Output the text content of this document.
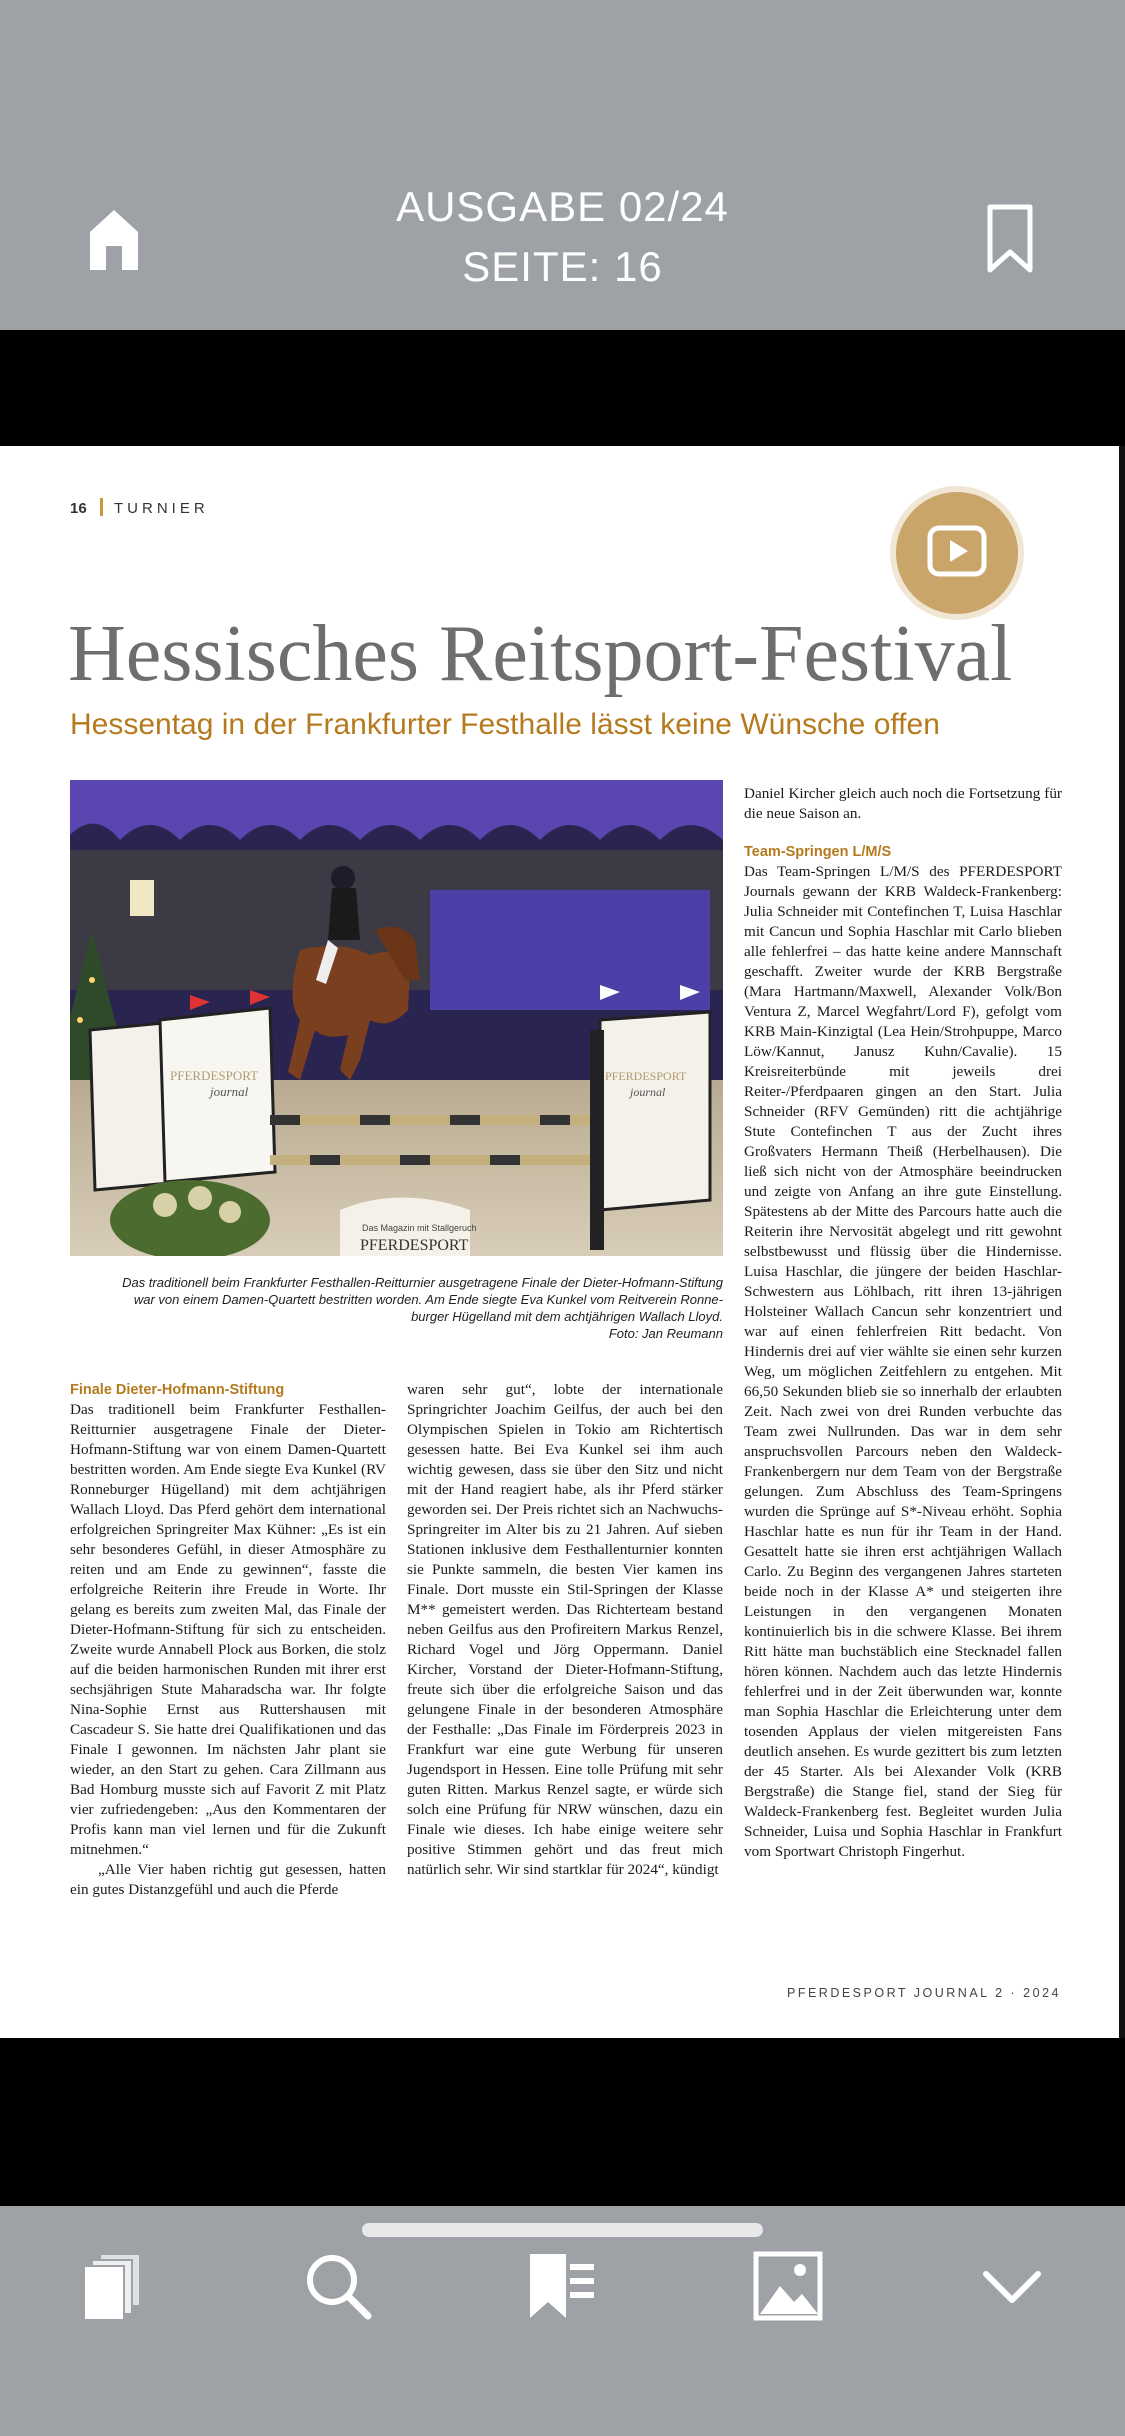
AUSGABE 02/24
SEITE: 16
16 TURNIER
Hessisches Reitsport-Festival
Hessentag in der Frankfurter Festhalle lässt keine Wünsche offen
PFERDESPORT
journal
PFERDESPORT
journal
Das Magazin mit Stallgeruch
PFERDESPORT
Das traditionell beim Frankfurter Festhallen-Reitturnier ausgetragene Finale der Dieter-Hofmann-Stiftung
war von einem Damen-Quartett bestritten worden. Am Ende siegte Eva Kunkel vom Reitverein Ronne-
burger Hügelland mit dem achtjährigen Wallach Lloyd.
Foto: Jan Reumann
Finale Dieter-Hofmann-Stiftung

Das traditionell beim Frankfurter Festhallen-Reitturnier ausgetragene Finale der Dieter-Hofmann-Stiftung war von einem Damen-Quartett bestritten worden. Am Ende siegte Eva Kunkel (RV Ronneburger Hügelland) mit dem achtjährigen Wallach Lloyd. Das Pferd gehört dem international erfolgreichen Springreiter Max Kühner: „Es ist ein sehr besonderes Gefühl, in dieser Atmosphäre zu reiten und am Ende zu gewinnen“, fasste die erfolgreiche Reiterin ihre Freude in Worte. Ihr gelang es bereits zum zweiten Mal, das Finale der Dieter-Hofmann-Stiftung für sich zu entscheiden. Zweite wurde Annabell Plock aus Borken, die stolz auf die beiden harmonischen Runden mit ihrer erst sechsjährigen Stute Maharadscha war. Ihr folgte Nina-Sophie Ernst aus Ruttershausen mit Cascadeur S. Sie hatte drei Qualifikationen und das Finale I gewonnen. Im nächsten Jahr plant sie wieder, an den Start zu gehen. Cara Zillmann aus Bad Homburg musste sich auf Favorit Z mit Platz vier zufriedengeben: „Aus den Kommentaren der Profis kann man viel lernen und für die Zukunft mitnehmen.“

„Alle Vier haben richtig gut gesessen, hatten ein gutes Distanzgefühl und auch die Pferde

waren sehr gut“, lobte der internationale Springrichter Joachim Geilfus, der auch bei den Olympischen Spielen in Tokio am Richtertisch gesessen hatte. Bei Eva Kunkel sei ihm auch wichtig gewesen, dass sie über den Sitz und nicht mit der Hand reagiert habe, als ihr Pferd stärker geworden sei. Der Preis richtet sich an Nachwuchs-Springreiter im Alter bis zu 21 Jahren. Auf sieben Stationen inklusive dem Festhallenturnier konnten sie Punkte sammeln, die besten Vier kamen ins Finale. Dort musste ein Stil-Springen der Klasse M** gemeistert werden. Das Richterteam bestand neben Geilfus aus den Profireitern Markus Renzel, Richard Vogel und Jörg Oppermann. Daniel Kircher, Vorstand der Dieter-Hofmann-Stiftung, freute sich über die erfolgreiche Saison und das gelungene Finale in der besonderen Atmosphäre der Festhalle: „Das Finale im Förderpreis 2023 in Frankfurt war eine gute Werbung für unseren Jugendsport in Hessen. Eine tolle Prüfung mit sehr guten Ritten. Markus Renzel sagte, er würde sich solch eine Prüfung für NRW wünschen, dazu ein Finale wie dieses. Ich habe einige weitere sehr positive Stimmen gehört und das freut mich natürlich sehr. Wir sind startklar für 2024“, kündigt

Daniel Kircher gleich auch noch die Fortsetzung für die neue Saison an.

Team-Springen L/M/S

Das Team-Springen L/M/S des PFERDESPORT Journals gewann der KRB Waldeck-Frankenberg: Julia Schneider mit Contefinchen T, Luisa Haschlar mit Cancun und Sophia Haschlar mit Carlo blieben alle fehlerfrei – das hatte keine andere Mannschaft geschafft. Zweiter wurde der KRB Bergstraße (Mara Hartmann/Maxwell, Alexander Volk/Bon Ventura Z, Marcel Wegfahrt/Lord F), gefolgt vom KRB Main-Kinzigtal (Lea Hein/Strohpuppe, Marco Löw/Kannut, Janusz Kuhn/Cavalie). 15 Kreisreiterbünde mit jeweils drei Reiter-/Pferdpaaren gingen an den Start. Julia Schneider (RFV Gemünden) ritt die achtjährige Stute Contefinchen T aus der Zucht ihres Großvaters Hermann Theiß (Herbelhausen). Die ließ sich nicht von der Atmosphäre beeindrucken und zeigte von Anfang an ihre gute Einstellung. Spätestens ab der Mitte des Parcours hatte auch die Reiterin ihre Nervosität abgelegt und ritt gewohnt selbstbewusst und flüssig über die Hindernisse. Luisa Haschlar, die jüngere der beiden Haschlar-Schwestern aus Löhlbach, ritt ihren 13-jährigen Holsteiner Wallach Cancun sehr konzentriert und war auf einen fehlerfreien Ritt bedacht. Von Hindernis drei auf vier wählte sie einen sehr kurzen Weg, um möglichen Zeitfehlern zu entgehen. Mit 66,50 Sekunden blieb sie so innerhalb der erlaubten Zeit. Nach zwei von drei Runden verbuchte das Team zwei Nullrunden. Das war in dem sehr anspruchsvollen Parcours neben den Waldeck-Frankenbergern nur dem Team von der Bergstraße gelungen. Zum Abschluss des Team-Springens wurden die Sprünge auf S*-Niveau erhöht. Sophia Haschlar hatte es nun für ihr Team in der Hand. Gesattelt hatte sie ihren erst achtjährigen Wallach Carlo. Zu Beginn des vergangenen Jahres starteten beide noch in der Klasse A* und steigerten ihre Leistungen in den vergangenen Monaten kontinuierlich bis in die schwere Klasse. Bei ihrem Ritt hätte man buchstäblich eine Stecknadel fallen hören können. Nachdem auch das letzte Hindernis fehlerfrei und in der Zeit überwunden war, konnte man Sophia Haschlar die Erleichterung unter dem tosenden Applaus der vielen mitgereisten Fans deutlich ansehen. Es wurde gezittert bis zum letzten der 45 Starter. Als bei Alexander Volk (KRB Bergstraße) die Stange fiel, stand der Sieg für Waldeck-Frankenberg fest. Begleitet wurden Julia Schneider, Luisa und Sophia Haschlar in Frankfurt vom Sportwart Christoph Fingerhut.

PFERDESPORT JOURNAL 2 · 2024
